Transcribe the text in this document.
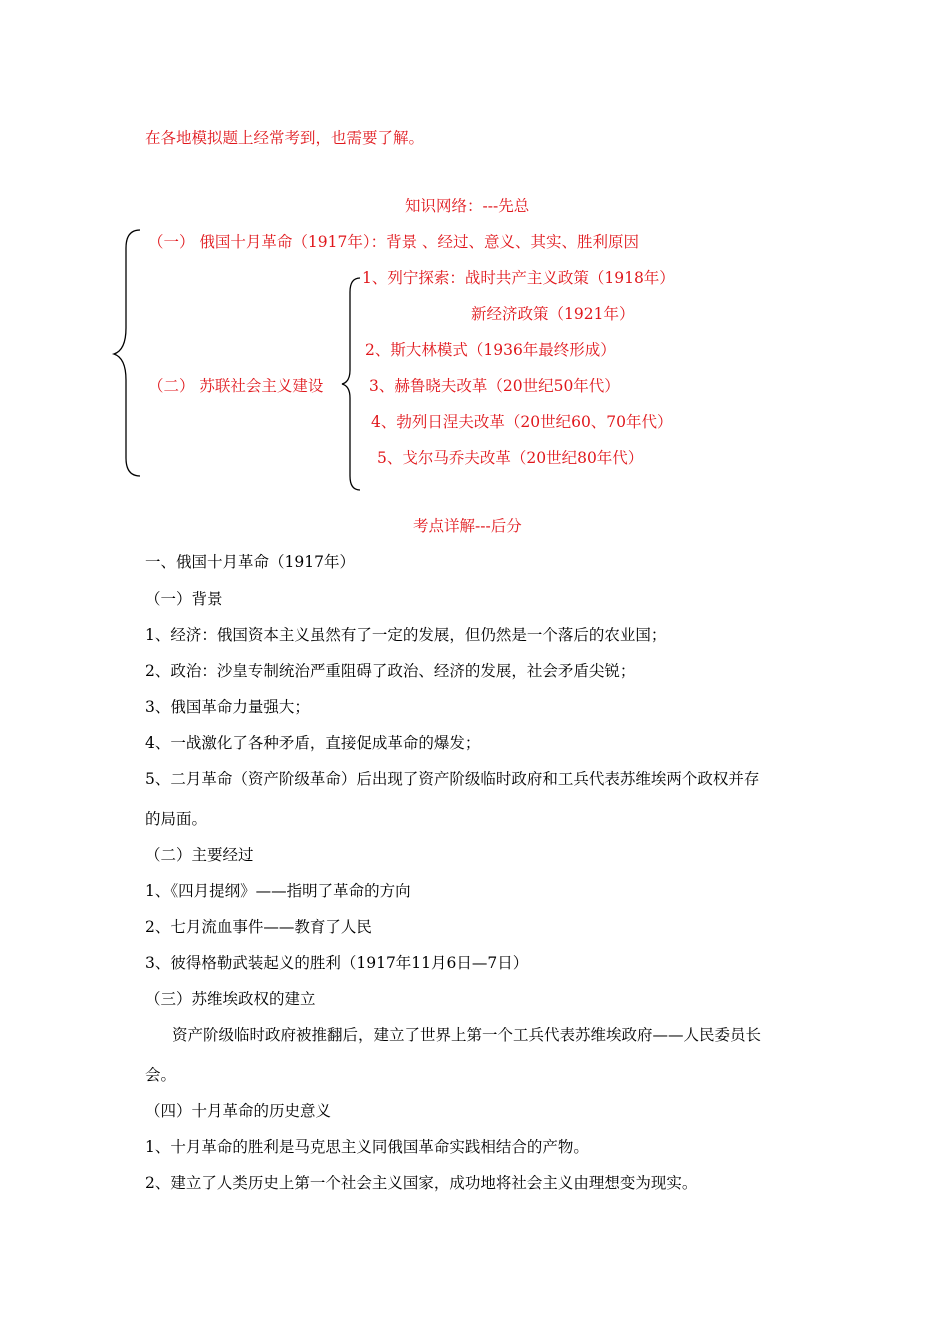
在各地模拟题上经常考到，也需要了解。
知识网络：---先总
（一） 俄国十月革命（1917年）：背景 、经过、意义、其实、胜利原因
（二） 苏联社会主义建设
1、列宁探索：战时共产主义政策（1918年）
新经济政策（1921年）
2、斯大林模式（1936年最终形成）
3、赫鲁晓夫改革（20世纪50年代）
4、勃列日涅夫改革（20世纪60、70年代）
5、戈尔马乔夫改革（20世纪80年代）
考点详解---后分
一、俄国十月革命（1917年）
（一）背景
1、经济：俄国资本主义虽然有了一定的发展，但仍然是一个落后的农业国；
2、政治：沙皇专制统治严重阻碍了政治、经济的发展，社会矛盾尖锐；
3、俄国革命力量强大；
4、一战激化了各种矛盾，直接促成革命的爆发；
5、二月革命（资产阶级革命）后出现了资产阶级临时政府和工兵代表苏维埃两个政权并存
的局面。
（二）主要经过
1、《四月提纲》——指明了革命的方向
2、七月流血事件——教育了人民
3、彼得格勒武装起义的胜利（1917年11月6日—7日）
（三）苏维埃政权的建立
资产阶级临时政府被推翻后，建立了世界上第一个工兵代表苏维埃政府——人民委员长
会。
（四）十月革命的历史意义
1、十月革命的胜利是马克思主义同俄国革命实践相结合的产物。
2、建立了人类历史上第一个社会主义国家，成功地将社会主义由理想变为现实。
